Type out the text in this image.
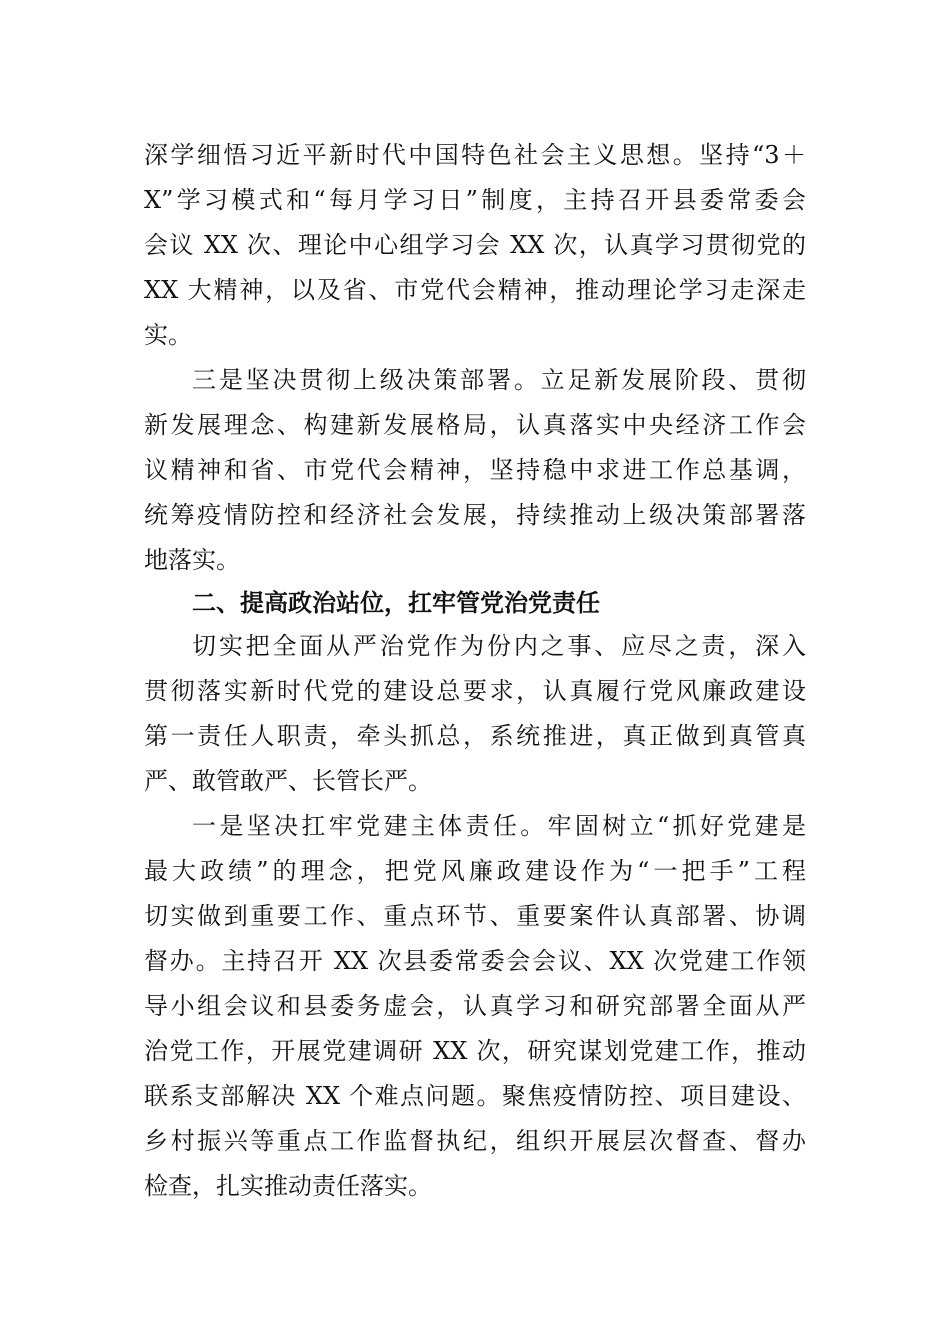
深学细悟习近平新时代中国特色社会主义思想。坚持“3＋
X”学习模式和“每月学习日”制度，主持召开县委常委会
会议 XX 次、理论中心组学习会 XX 次，认真学习贯彻党的
XX 大精神，以及省、市党代会精神，推动理论学习走深走
实。
三是坚决贯彻上级决策部署。立足新发展阶段、贯彻
新发展理念、构建新发展格局，认真落实中央经济工作会
议精神和省、市党代会精神，坚持稳中求进工作总基调，
统筹疫情防控和经济社会发展，持续推动上级决策部署落
地落实。
二、提高政治站位，扛牢管党治党责任
切实把全面从严治党作为份内之事、应尽之责，深入
贯彻落实新时代党的建设总要求，认真履行党风廉政建设
第一责任人职责，牵头抓总，系统推进，真正做到真管真
严、敢管敢严、长管长严。
一是坚决扛牢党建主体责任。牢固树立“抓好党建是
最大政绩”的理念，把党风廉政建设作为“一把手”工程
切实做到重要工作、重点环节、重要案件认真部署、协调
督办。主持召开 XX 次县委常委会会议、XX 次党建工作领
导小组会议和县委务虚会，认真学习和研究部署全面从严
治党工作，开展党建调研 XX 次，研究谋划党建工作，推动
联系支部解决 XX 个难点问题。聚焦疫情防控、项目建设、
乡村振兴等重点工作监督执纪，组织开展层次督查、督办
检查，扎实推动责任落实。
